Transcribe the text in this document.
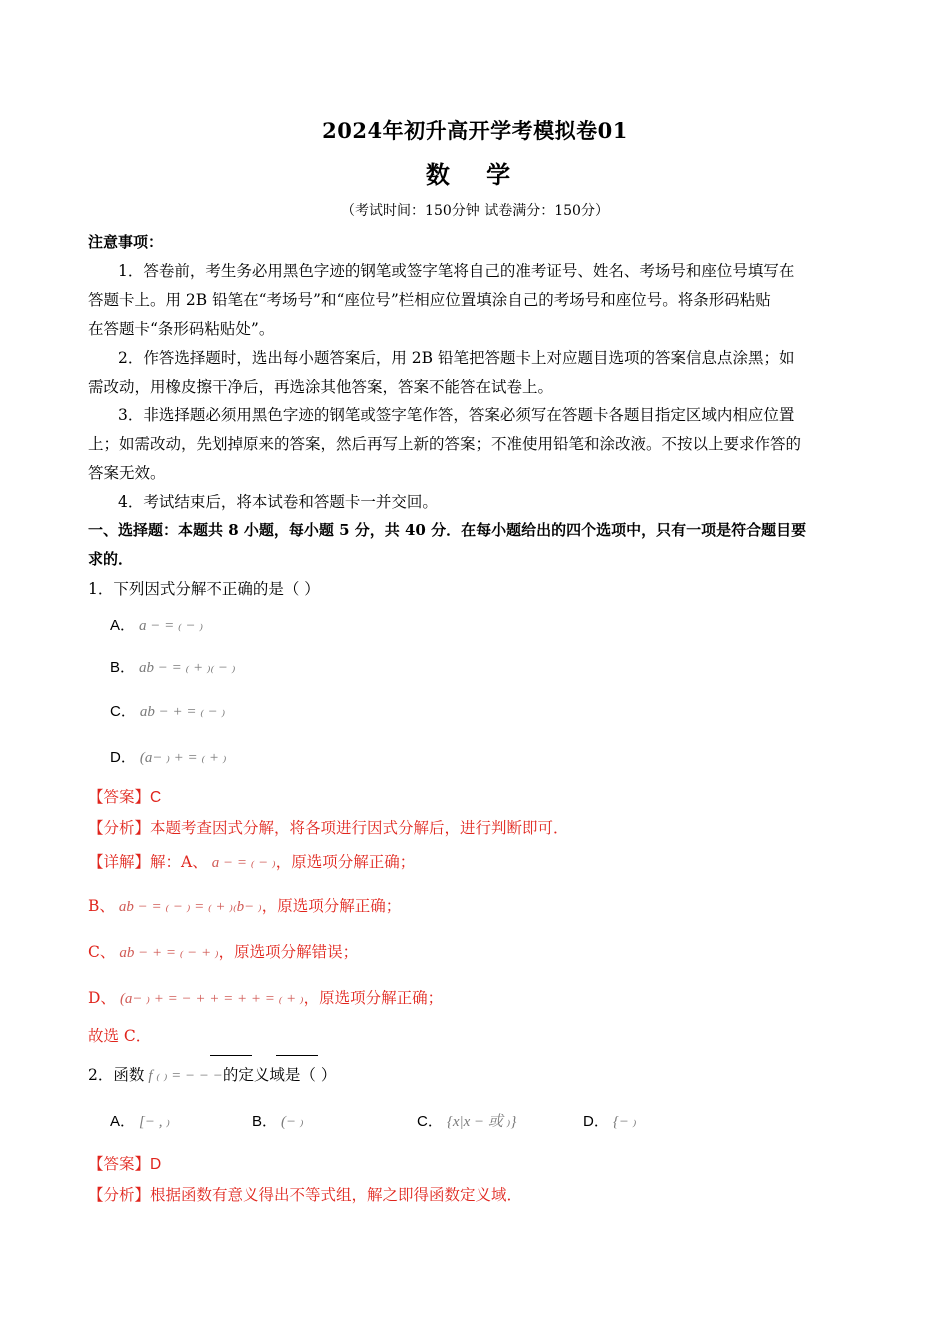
2024年初升高开学考模拟卷01
数 学
（考试时间：150分钟 试卷满分：150分）
注意事项：
1．答卷前，考生务必用黑色字迹的钢笔或签字笔将自己的准考证号、姓名、考场号和座位号填写在
答题卡上。用 2B 铅笔在“考场号”和“座位号”栏相应位置填涂自己的考场号和座位号。将条形码粘贴
在答题卡“条形码粘贴处”。
2．作答选择题时，选出每小题答案后，用 2B 铅笔把答题卡上对应题目选项的答案信息点涂黑；如
需改动，用橡皮擦干净后，再选涂其他答案，答案不能答在试卷上。
3．非选择题必须用黑色字迹的钢笔或签字笔作答，答案必须写在答题卡各题目指定区域内相应位置
上；如需改动，先划掉原来的答案，然后再写上新的答案；不准使用铅笔和涂改液。不按以上要求作答的
答案无效。
4．考试结束后，将本试卷和答题卡一并交回。
一、选择题：本题共 8 小题，每小题 5 分，共 40 分．在每小题给出的四个选项中，只有一项是符合题目要
求的．
1．下列因式分解不正确的是（ ）
A． a − = ₍ − ₎
B． ab − = ₍ + ₎₍ − ₎
C． ab − + = ₍ − ₎
D． (a− ₎ + = ₍ + ₎
【答案】C
【分析】本题考查因式分解，将各项进行因式分解后，进行判断即可．
【详解】解：A、 a − = ₍ − ₎，原选项分解正确；
B、 ab − = ₍ − ₎ = ₍ + ₎₍b− ₎，原选项分解正确；
C、 ab − + = ₍ − + ₎，原选项分解错误；
D、 (a− ₎ + = − + + = + + = ₍ + ₎，原选项分解正确；
故选 C．
2．函数 f ₍ ₎ = − − −的定义域是（ ）
A． [− , ₎	B． (− ₎	C． {x|x − 或 ₎}	D． {− ₎
【答案】D
【分析】根据函数有意义得出不等式组，解之即得函数定义域．
